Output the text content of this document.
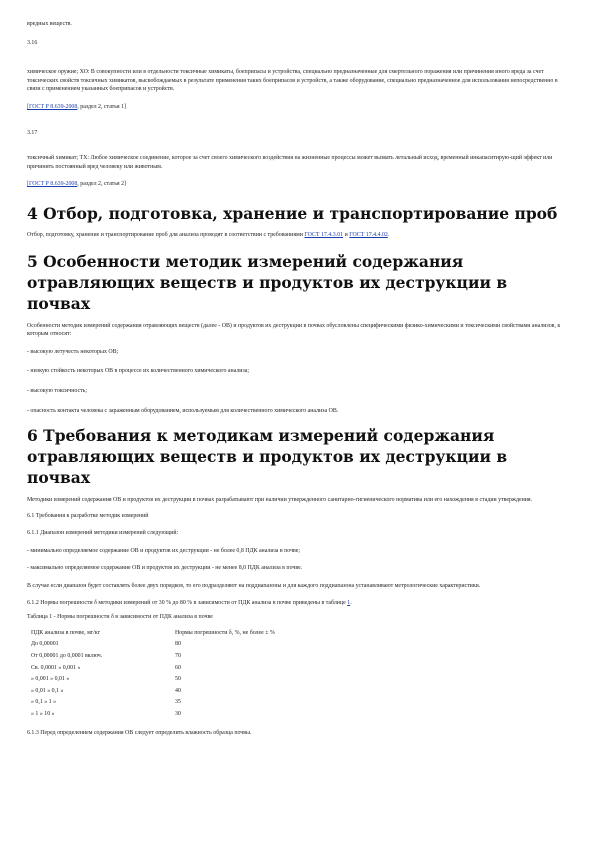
вредных веществ.

3.16

химическое оружие; ХО: В совокупности или в отдельности токсичные химикаты, боеприпасы и устройства, специально предназначенные для смертельного поражения или причинения иного вреда за счет токсических свойств токсичных химикатов, высвобождаемых в результате применения таких боеприпасов и устройств, а также оборудование, специально предназначенное для использования непосредственно в связи с применением указанных боеприпасов и устройств.

[ГОСТ Р 8.639-2008, раздел 2, статья 1]

3.17

токсичный химикат; ТХ: Любое химическое соединение, которое за счет своего химического воздействия на жизненные процессы может вызвать летальный исход, временный инкапаситирую-щий эффект или причинить постоянный вред человеку или животным.

[ГОСТ Р 8.639-2008, раздел 2, статья 2]

4 Отбор, подготовка, хранение и транспортирование проб

Отбор, подготовку, хранение и транспортирование проб для анализа проводят в соответствии с требованиями ГОСТ 17.4.3.01 и ГОСТ 17.4.4.02.

5 Особенности методик измерений содержания отравляющих веществ и продуктов их деструкции в почвах

Особенности методик измерений содержания отравляющих веществ (далее - ОВ) и продуктов их деструкции в почвах обусловлены специфическими физико-химическими и токсическими свойствами анализов, к которым относят:

- высокую летучесть некоторых ОВ;

- низкую стойкость некоторых ОВ в процессе их количественного химического анализа;

- высокую токсичность;

- опасность контакта человека с зараженным оборудованием, используемым для количественного химического анализа ОВ.

6 Требования к методикам измерений содержания отравляющих веществ и продуктов их деструкции в почвах

Методики измерений содержания ОВ и продуктов их деструкции в почвах разрабатывают при наличии утвержденного санитарно-гигиенического норматива или его нахождения в стадии утверждения.

6.1 Требования к разработке методик измерений

6.1.1 Диапазон измерений методики измерений следующий:

- минимально определяемое содержание ОВ и продуктов их деструкции - не более 0,8 ПДК анализа в почве;

- максимально определяемое содержание ОВ и продуктов их деструкции - не менее 8,0 ПДК анализа в почве.

В случае если диапазон будет составлять более двух порядков, то его подразделяют на поддиапазоны и для каждого поддиапазона устанавливают метрологические характеристики.

6.1.2 Нормы погрешности δ методики измерений от 30 % до 80 % в зависимости от ПДК анализа в почве приведены в таблице 1.

Таблица 1 - Нормы погрешности δ в зависимости от ПДК анализа в почве

ПДК анализа в почве, мг/кг	Нормы погрешности δ, %, не более ± %
До 0,00001	80
От 0,00001 до 0,0001 включ.	70
Св. 0,0001 » 0,001 »	60
» 0,001 » 0,01 »	50
» 0,01 » 0,1 »	40
» 0,1 » 1 »	35
» 1 » 10 »	30

6.1.3 Перед определением содержания ОВ следует определить влажность образца почвы.
